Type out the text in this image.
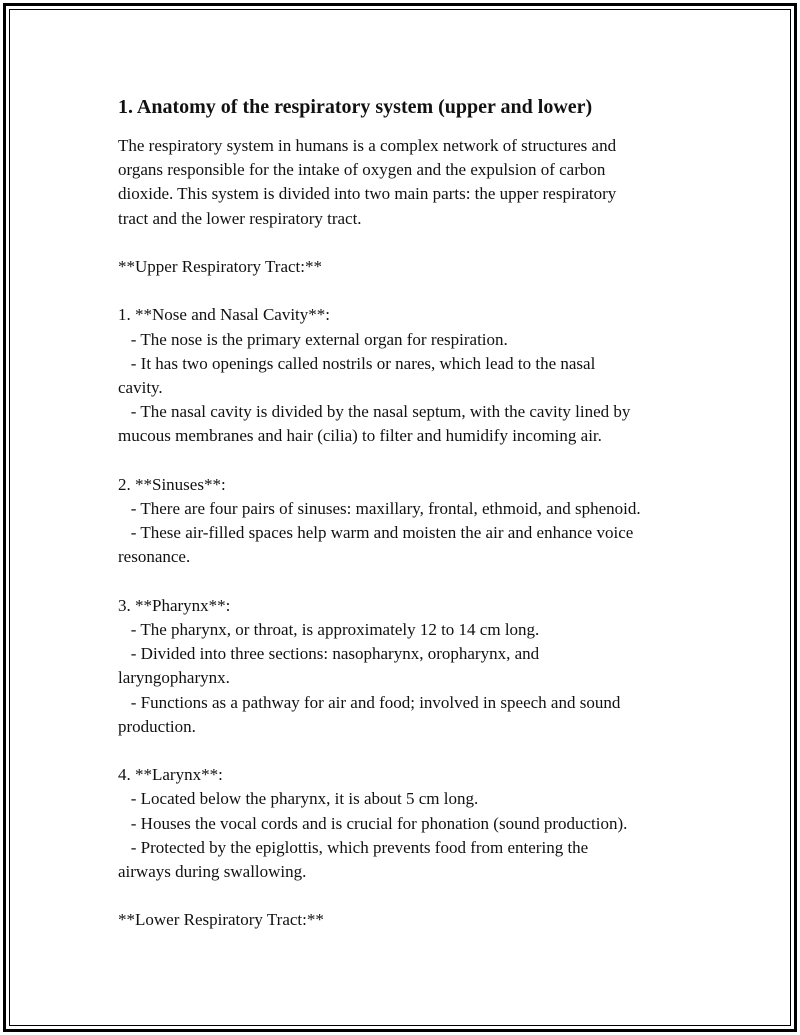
1. Anatomy of the respiratory system (upper and lower)
The respiratory system in humans is a complex network of structures and
organs responsible for the intake of oxygen and the expulsion of carbon
dioxide. This system is divided into two main parts: the upper respiratory
tract and the lower respiratory tract.
**Upper Respiratory Tract:**
1. **Nose and Nasal Cavity**:
- The nose is the primary external organ for respiration.
- It has two openings called nostrils or nares, which lead to the nasal
cavity.
- The nasal cavity is divided by the nasal septum, with the cavity lined by
mucous membranes and hair (cilia) to filter and humidify incoming air.
2. **Sinuses**:
- There are four pairs of sinuses: maxillary, frontal, ethmoid, and sphenoid.
- These air-filled spaces help warm and moisten the air and enhance voice
resonance.
3. **Pharynx**:
- The pharynx, or throat, is approximately 12 to 14 cm long.
- Divided into three sections: nasopharynx, oropharynx, and
laryngopharynx.
- Functions as a pathway for air and food; involved in speech and sound
production.
4. **Larynx**:
- Located below the pharynx, it is about 5 cm long.
- Houses the vocal cords and is crucial for phonation (sound production).
- Protected by the epiglottis, which prevents food from entering the
airways during swallowing.
**Lower Respiratory Tract:**
